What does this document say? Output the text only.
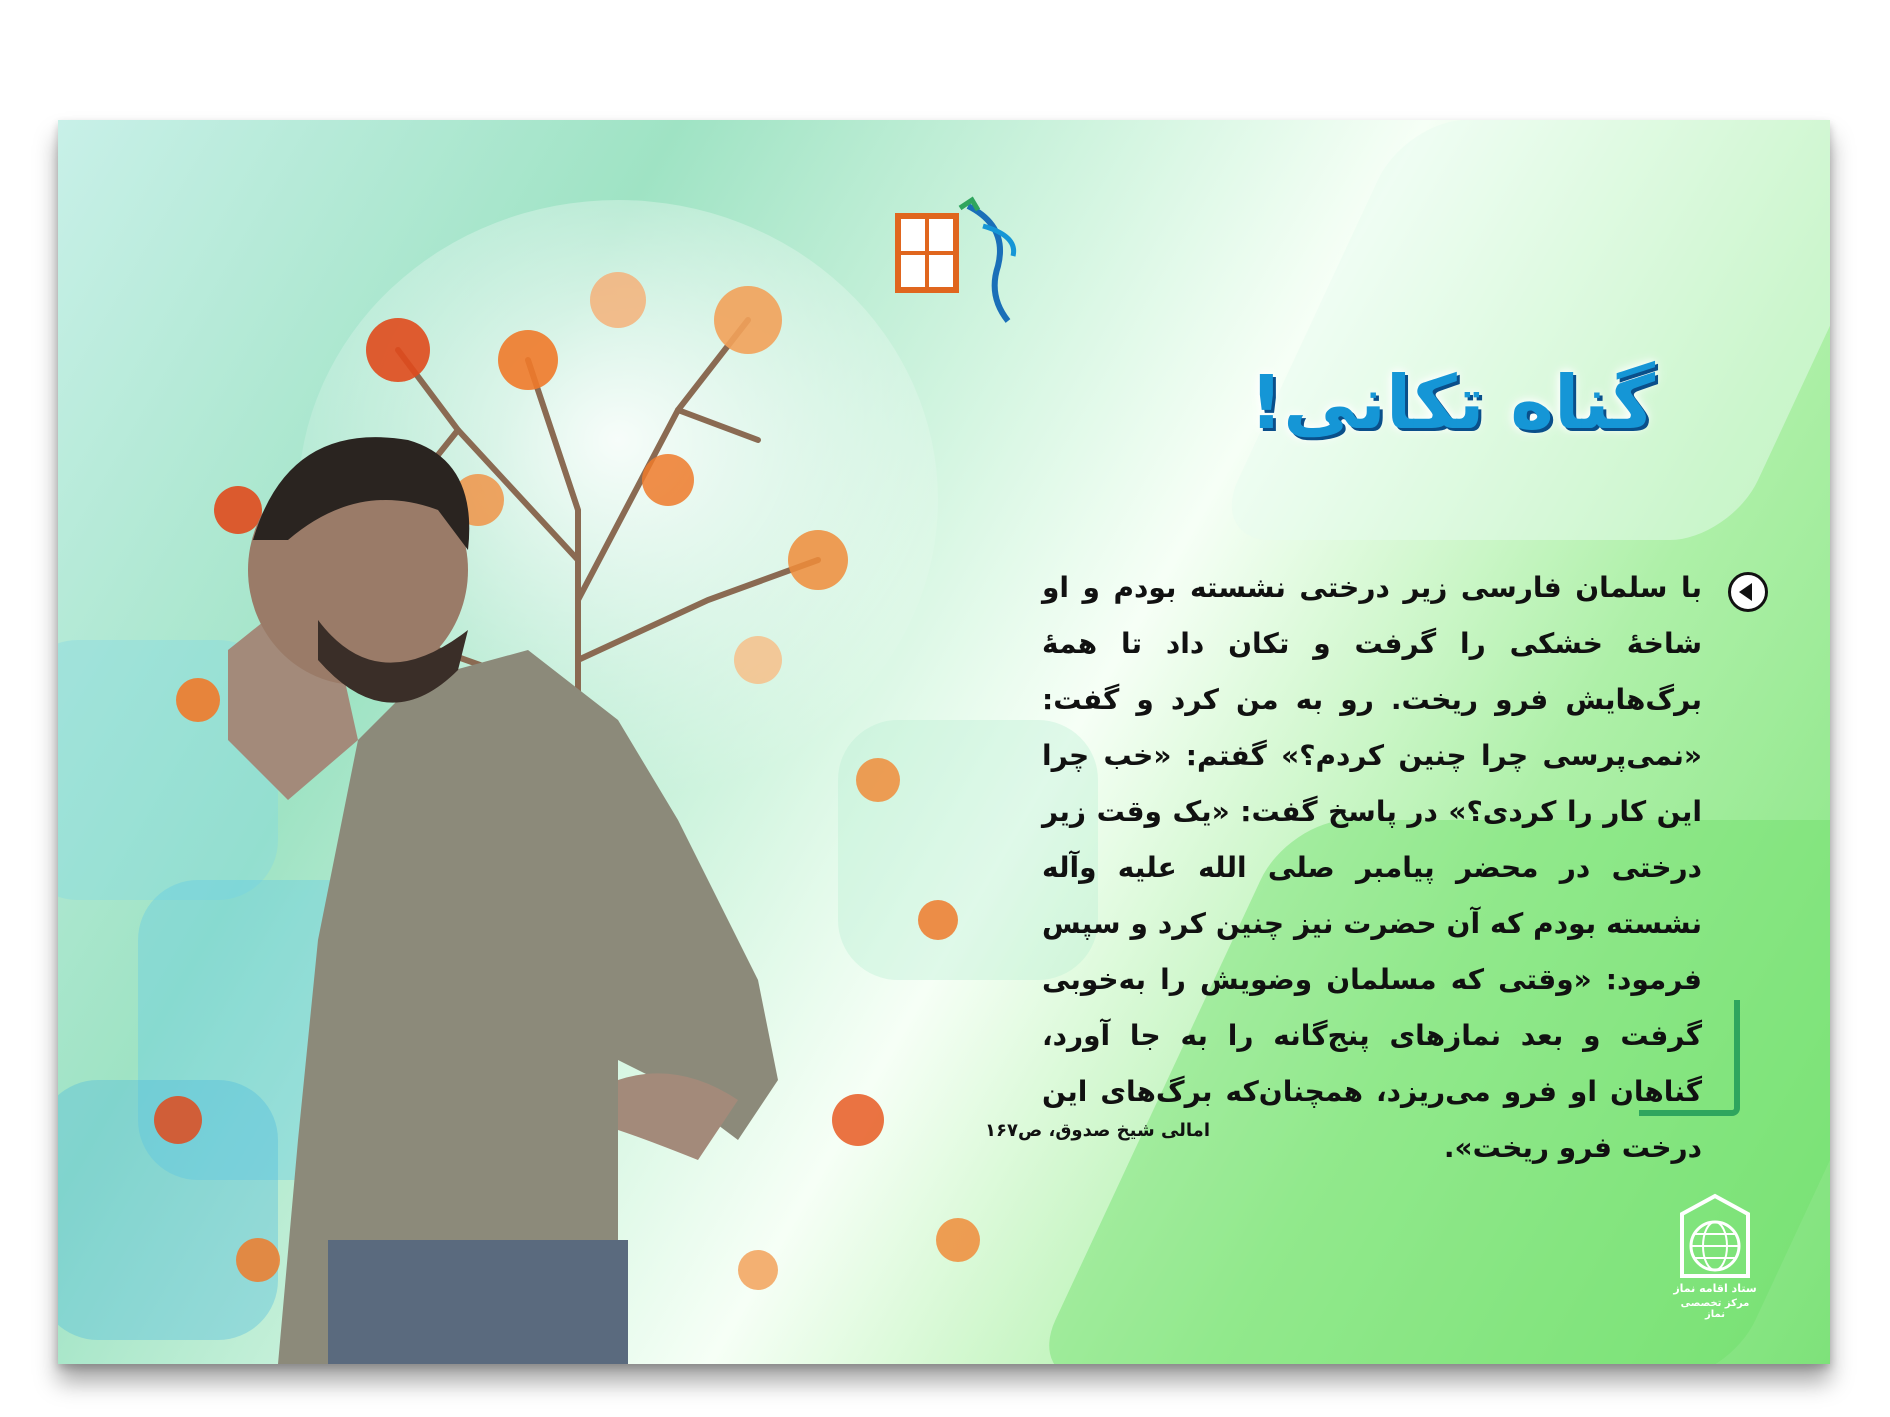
گناه تکانی!
با سلمان فارسی زیر درختی نشسته بودم و او شاخهٔ خشکی را گرفت و تکان داد تا همهٔ برگ‌هایش فرو ریخت. رو به من کرد و گفت: «نمی‌پرسی چرا چنین کردم؟» گفتم: «خب چرا این کار را کردی؟» در پاسخ گفت: «یک وقت زیر درختی در محضر پیامبر صلی الله علیه وآله نشسته بودم که آن حضرت نیز چنین کرد و سپس فرمود: «وقتی که مسلمان وضویش را به‌خوبی گرفت و بعد نمازهای پنج‌گانه را به جا آورد، گناهان او فرو می‌ریزد، همچنان‌که برگ‌های این درخت فرو ریخت».
امالی شیخ صدوق، ص۱۶۷
ستاد اقامه نماز
مرکز تخصصی نماز
